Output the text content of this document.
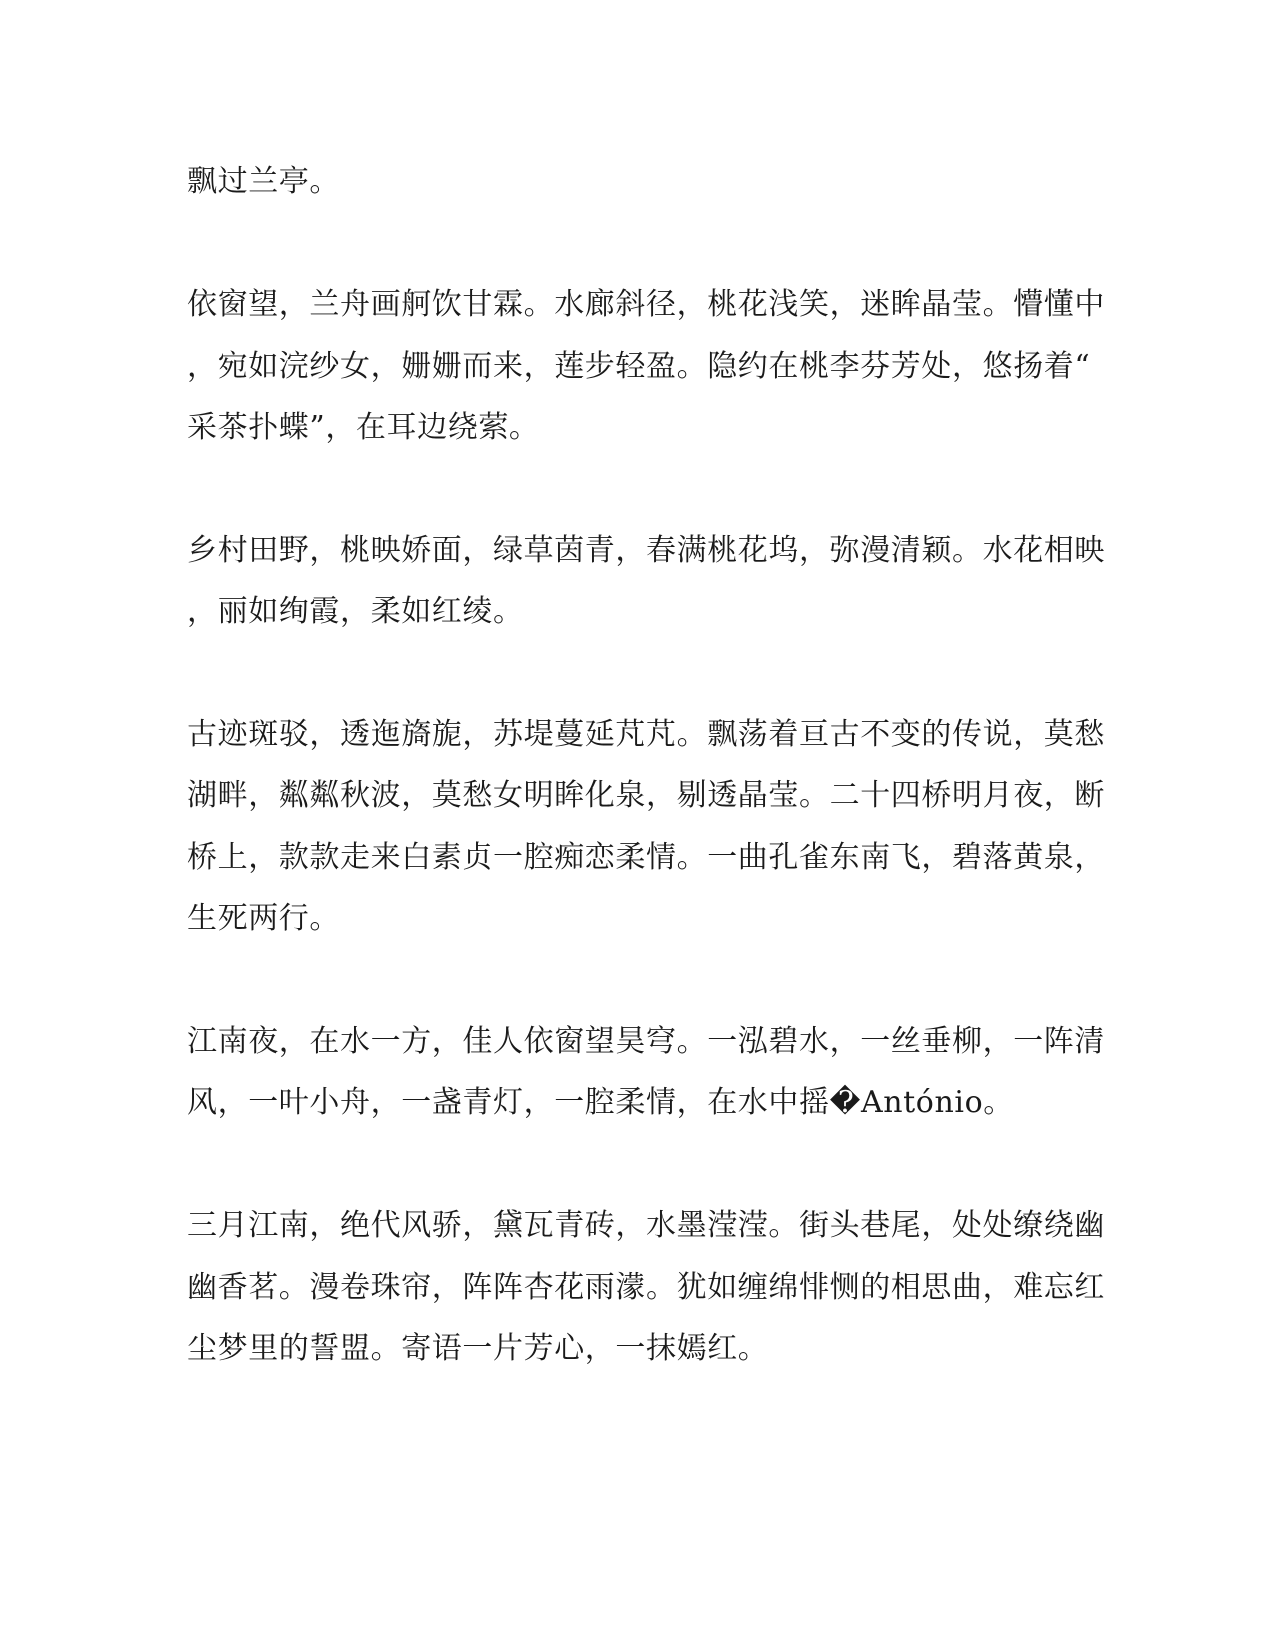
飘过兰亭。
依窗望，兰舟画舸饮甘霖。水廊斜径，桃花浅笑，迷眸晶莹。懵懂中
，宛如浣纱女，姗姗而来，莲步轻盈。隐约在桃李芬芳处，悠扬着“
采茶扑蝶”，在耳边绕萦。
乡村田野，桃映娇面，绿草茵青，春满桃花坞，弥漫清颖。水花相映
，丽如绚霞，柔如红绫。
古迹斑驳，透迤旖旎，苏堤蔓延芃芃。飘荡着亘古不变的传说，莫愁
湖畔，粼粼秋波，莫愁女明眸化泉，剔透晶莹。二十四桥明月夜，断
桥上，款款走来白素贞一腔痴恋柔情。一曲孔雀东南飞，碧落黄泉，
生死两行。
江南夜，在水一方，佳人依窗望昊穹。一泓碧水，一丝垂柳，一阵清
风，一叶小舟，一盏青灯，一腔柔情，在水中摇�António。
三月江南，绝代风骄，黛瓦青砖，水墨滢滢。街头巷尾，处处缭绕幽
幽香茗。漫卷珠帘，阵阵杏花雨濛。犹如缠绵悱恻的相思曲，难忘红
尘梦里的誓盟。寄语一片芳心，一抹嫣红。
